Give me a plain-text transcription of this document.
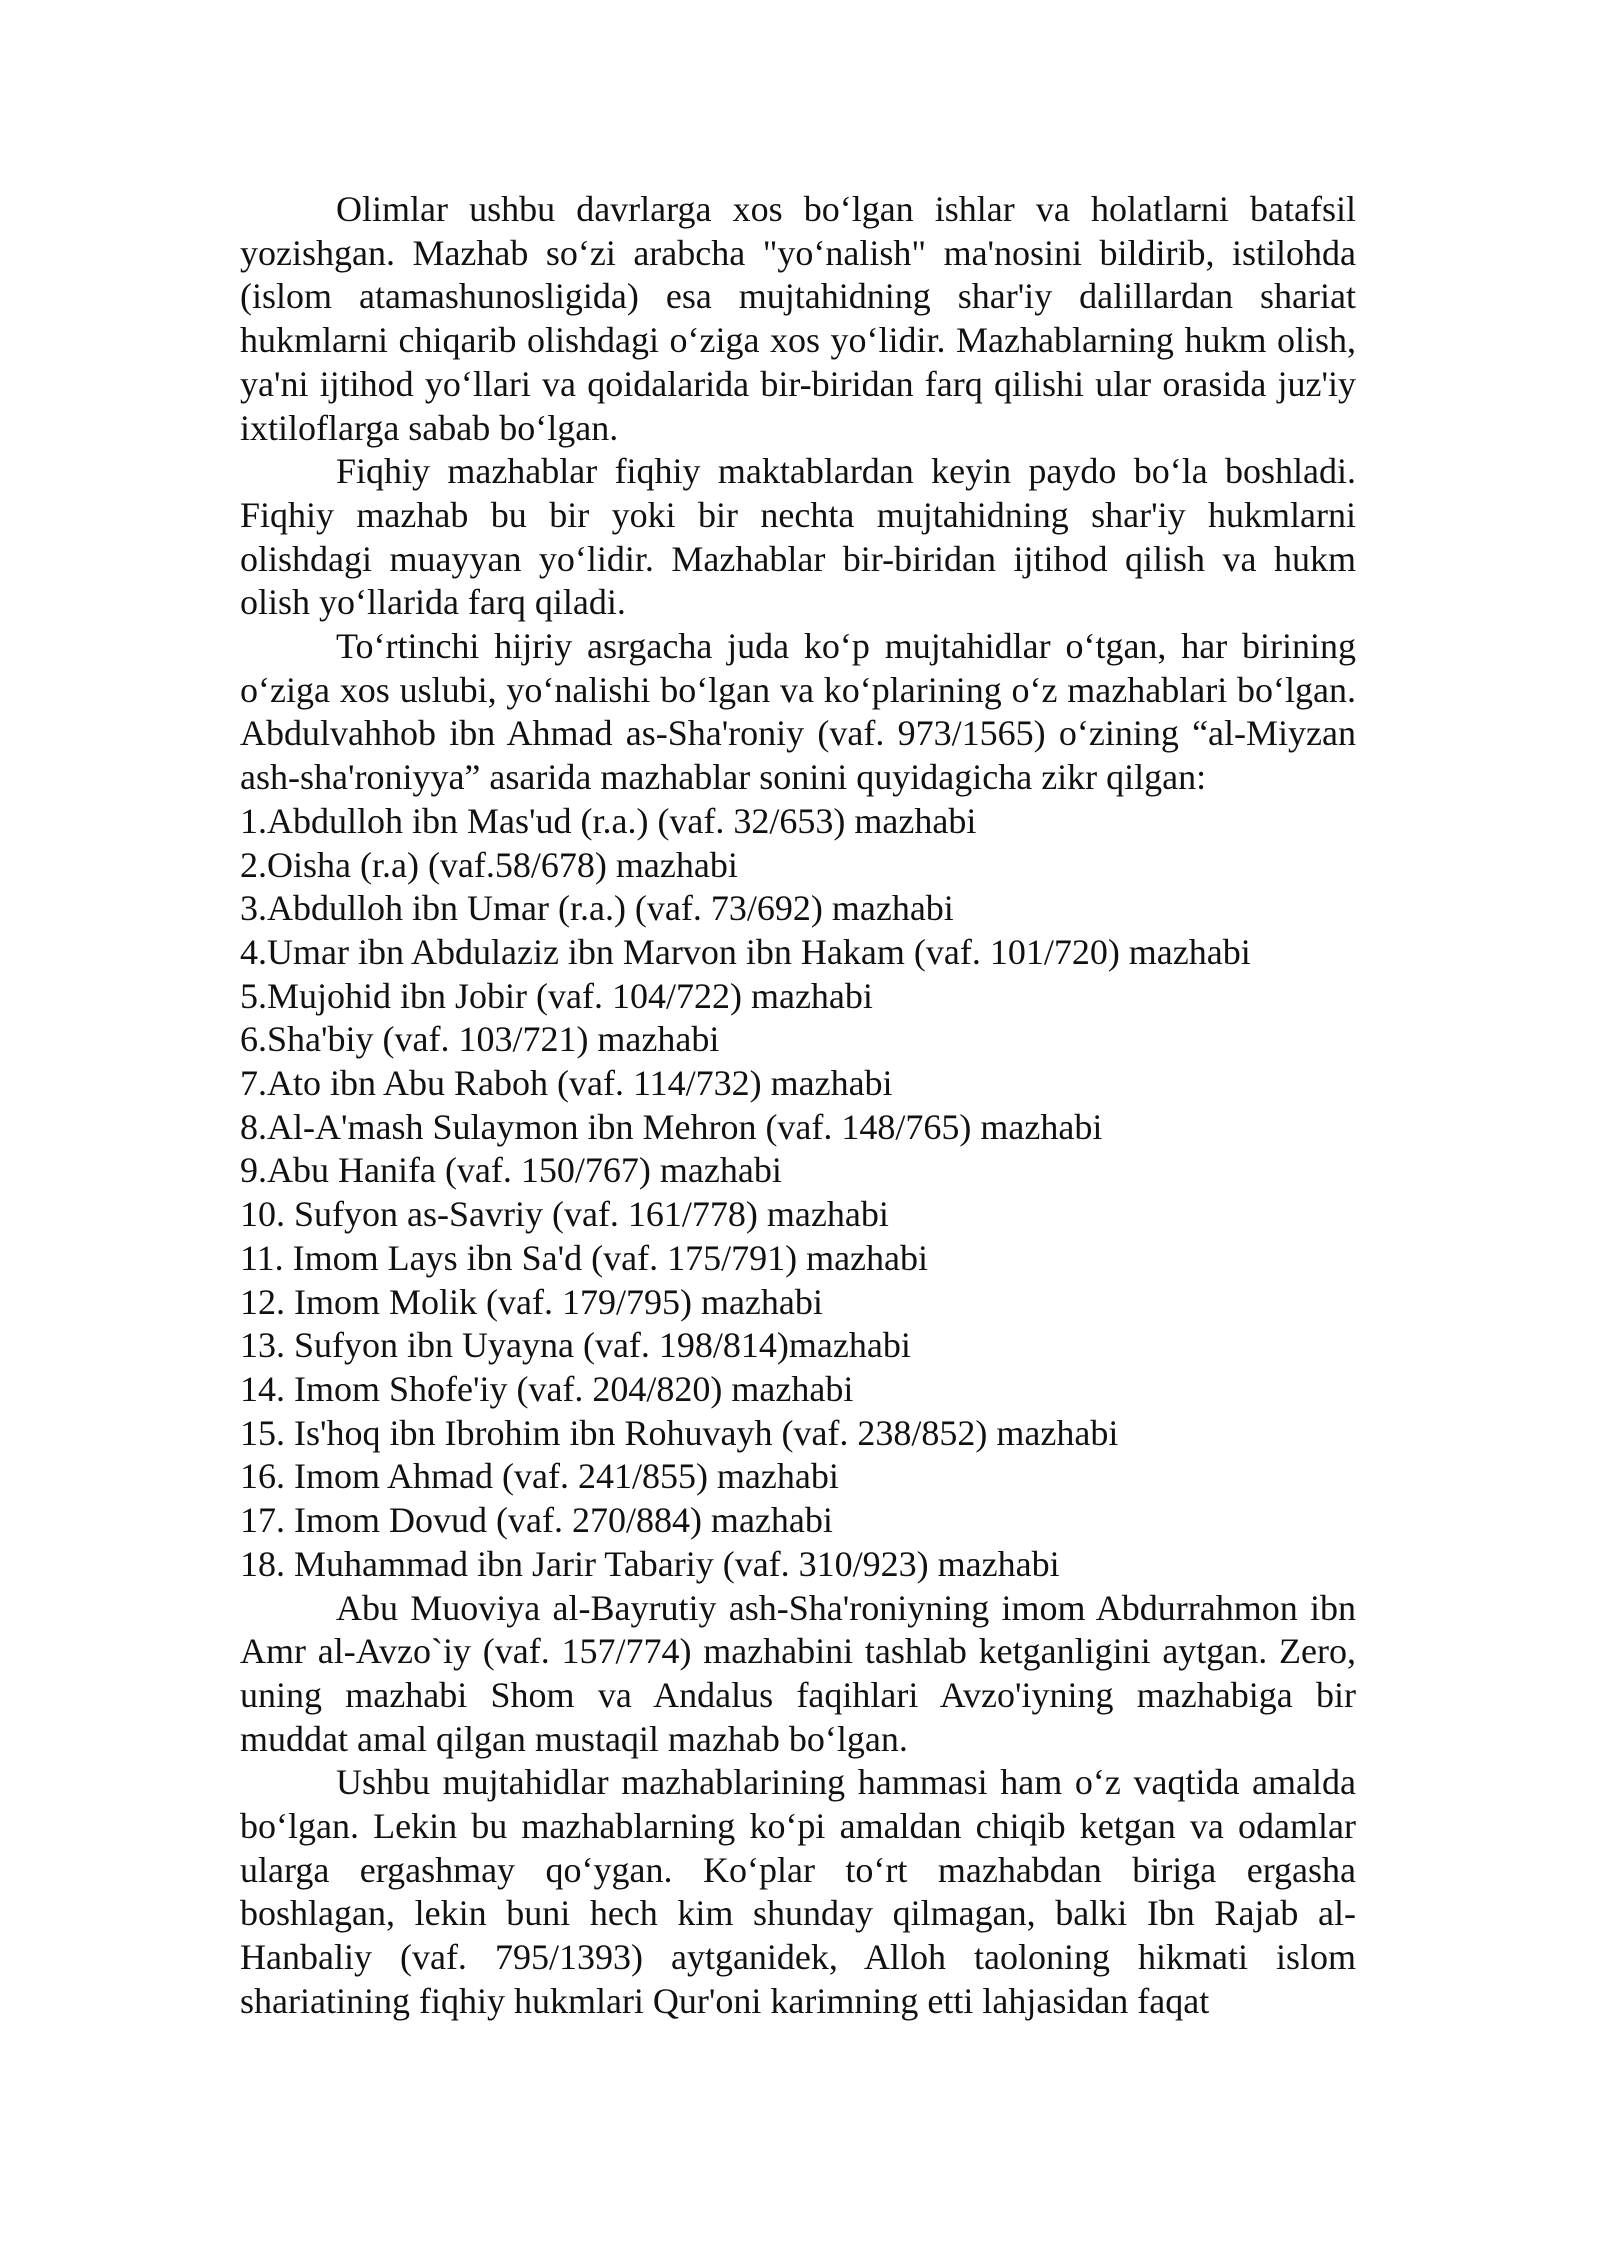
Olimlar ushbu davrlarga xos bo‘lgan ishlar va holatlarni batafsil yozishgan. Mazhab so‘zi arabcha "yo‘nalish" ma'nosini bildirib, istilohda (islom atamashunosligida) esa mujtahidning shar'iy dalillardan shariat hukmlarni chiqarib olishdagi o‘ziga xos yo‘lidir. Mazhablarning hukm olish, ya'ni ijtihod yo‘llari va qoidalarida bir-biridan farq qilishi ular orasida juz'iy ixtiloflarga sabab bo‘lgan.

Fiqhiy mazhablar fiqhiy maktablardan keyin paydo bo‘la boshladi. Fiqhiy mazhab bu bir yoki bir nechta mujtahidning shar'iy hukmlarni olishdagi muayyan yo‘lidir. Mazhablar bir-biridan ijtihod qilish va hukm olish yo‘llarida farq qiladi.

To‘rtinchi hijriy asrgacha juda ko‘p mujtahidlar o‘tgan, har birining o‘ziga xos uslubi, yo‘nalishi bo‘lgan va ko‘plarining o‘z mazhablari bo‘lgan. Abdulvahhob ibn Ahmad as-Sha'roniy (vaf. 973/1565) o‘zining “al-Miyzan ash-sha'roniyya” asarida mazhablar sonini quyidagicha zikr qilgan:

1.Abdulloh ibn Mas'ud (r.a.) (vaf. 32/653) mazhabi
2.Oisha (r.a) (vaf.58/678) mazhabi
3.Abdulloh ibn Umar (r.a.) (vaf. 73/692) mazhabi
4.Umar ibn Abdulaziz ibn Marvon ibn Hakam (vaf. 101/720) mazhabi
5.Mujohid ibn Jobir (vaf. 104/722) mazhabi
6.Sha'biy (vaf. 103/721) mazhabi
7.Ato ibn Abu Raboh (vaf. 114/732) mazhabi
8.Al-A'mash Sulaymon ibn Mehron (vaf. 148/765) mazhabi
9.Abu Hanifa (vaf. 150/767) mazhabi
10. Sufyon as-Savriy (vaf. 161/778) mazhabi
11. Imom Lays ibn Sa'd (vaf. 175/791) mazhabi
12. Imom Molik (vaf. 179/795) mazhabi
13. Sufyon ibn Uyayna (vaf. 198/814)mazhabi
14. Imom Shofe'iy (vaf. 204/820) mazhabi
15. Is'hoq ibn Ibrohim ibn Rohuvayh (vaf. 238/852) mazhabi
16. Imom Ahmad (vaf. 241/855) mazhabi
17. Imom Dovud (vaf. 270/884) mazhabi
18. Muhammad ibn Jarir Tabariy (vaf. 310/923) mazhabi

Abu Muoviya al-Bayrutiy ash-Sha'roniyning imom Abdurrahmon ibn Amr al-Avzo`iy (vaf. 157/774) mazhabini tashlab ketganligini aytgan. Zero, uning mazhabi Shom va Andalus faqihlari Avzo'iyning mazhabiga bir muddat amal qilgan mustaqil mazhab bo‘lgan.

Ushbu mujtahidlar mazhablarining hammasi ham o‘z vaqtida amalda bo‘lgan. Lekin bu mazhablarning ko‘pi amaldan chiqib ketgan va odamlar ularga ergashmay qo‘ygan. Ko‘plar to‘rt mazhabdan biriga ergasha boshlagan, lekin buni hech kim shunday qilmagan, balki Ibn Rajab al-Hanbaliy (vaf. 795/1393) aytganidek, Alloh taoloning hikmati islom shariatining fiqhiy hukmlari Qur'oni karimning etti lahjasidan faqat
